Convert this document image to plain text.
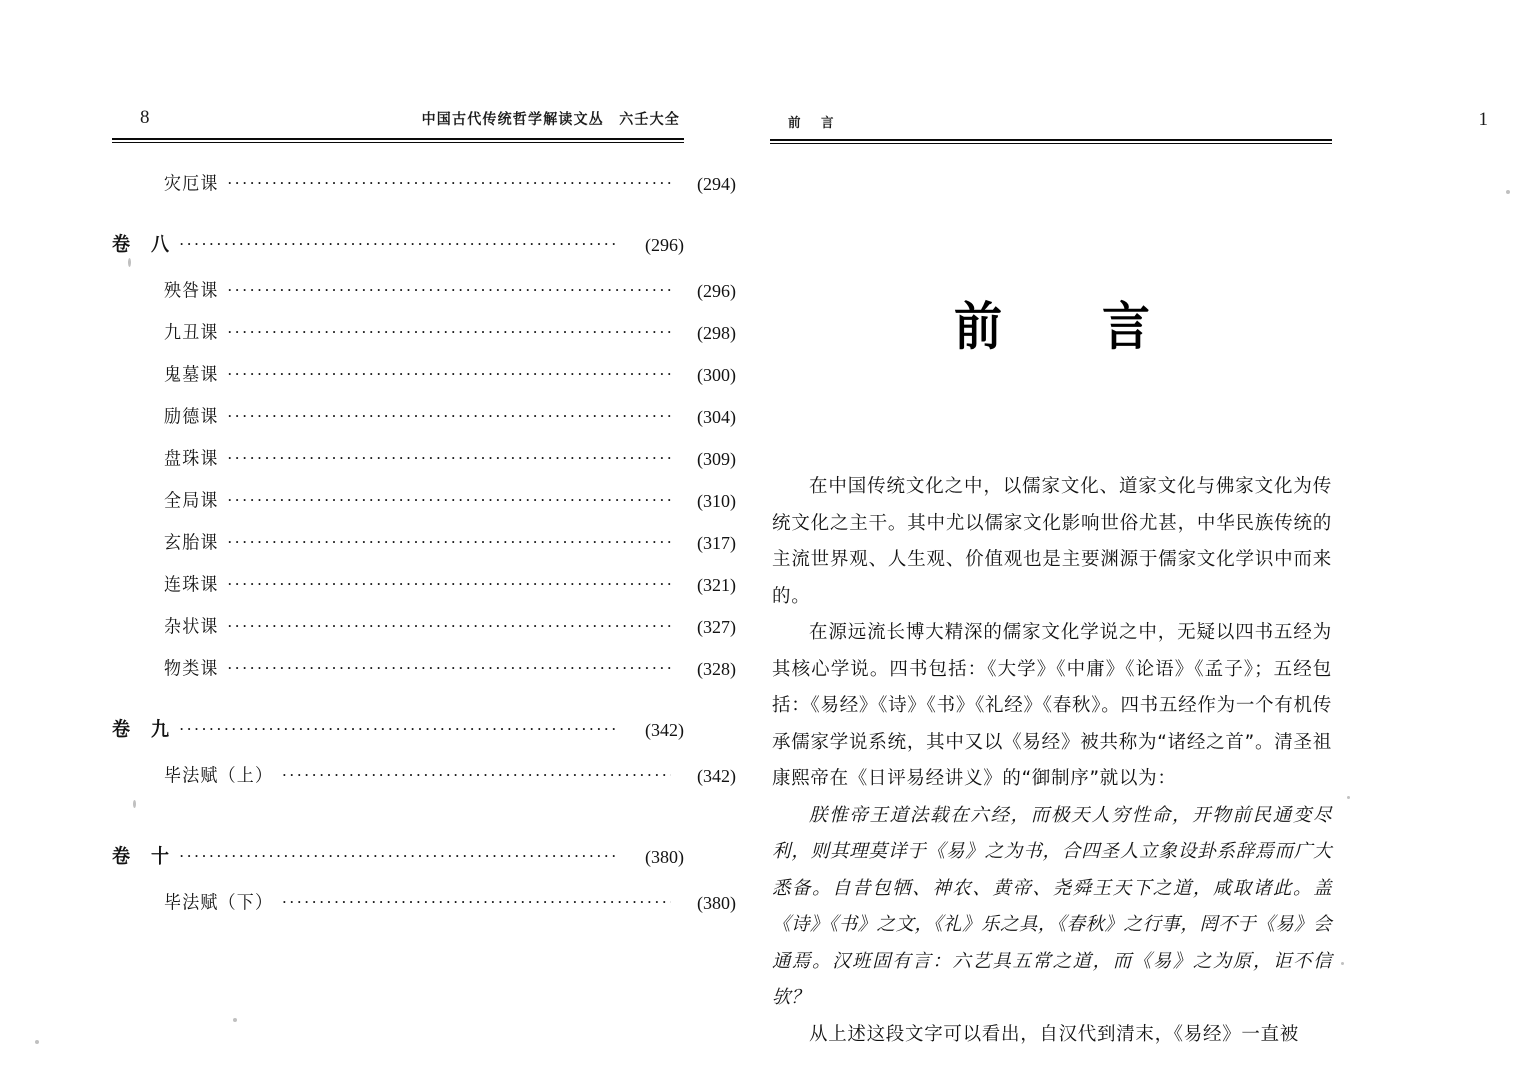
8	中国古代传统哲学解读文丛　六壬大全
灾厄课 .....	(294)
卷　八 .....	(296)
殃咎课 .....	(296)
九丑课 .....	(298)
鬼墓课 .....	(300)
励德课 .....	(304)
盘珠课 .....	(309)
全局课 .....	(310)
玄胎课 .....	(317)
连珠课 .....	(321)
杂状课 .....	(327)
物类课 .....	(328)
卷　九 .....	(342)
毕法赋（上） .....	(342)
卷　十 .....	(380)
毕法赋（下） .....	(380)
前　言	1
前　言

在中国传统文化之中，以儒家文化、道家文化与佛家文化为传统文化之主干。其中尤以儒家文化影响世俗尤甚，中华民族传统的主流世界观、人生观、价值观也是主要渊源于儒家文化学识中而来的。

在源远流长博大精深的儒家文化学说之中，无疑以四书五经为其核心学说。四书包括：《大学》《中庸》《论语》《孟子》；五经包括：《易经》《诗》《书》《礼经》《春秋》。四书五经作为一个有机传承儒家学说系统，其中又以《易经》被共称为“诸经之首”。清圣祖康熙帝在《日评易经讲义》的“御制序”就以为：

朕惟帝王道法载在六经，而极天人穷性命，开物前民通变尽利，则其理莫详于《易》之为书，合四圣人立象设卦系辞焉而广大悉备。自昔包牺、神农、黄帝、尧舜王天下之道，咸取诸此。盖《诗》《书》之文，《礼》乐之具，《春秋》之行事，罔不于《易》会通焉。汉班固有言：六艺具五常之道，而《易》之为原，讵不信欤？

从上述这段文字可以看出，自汉代到清末，《易经》一直被
